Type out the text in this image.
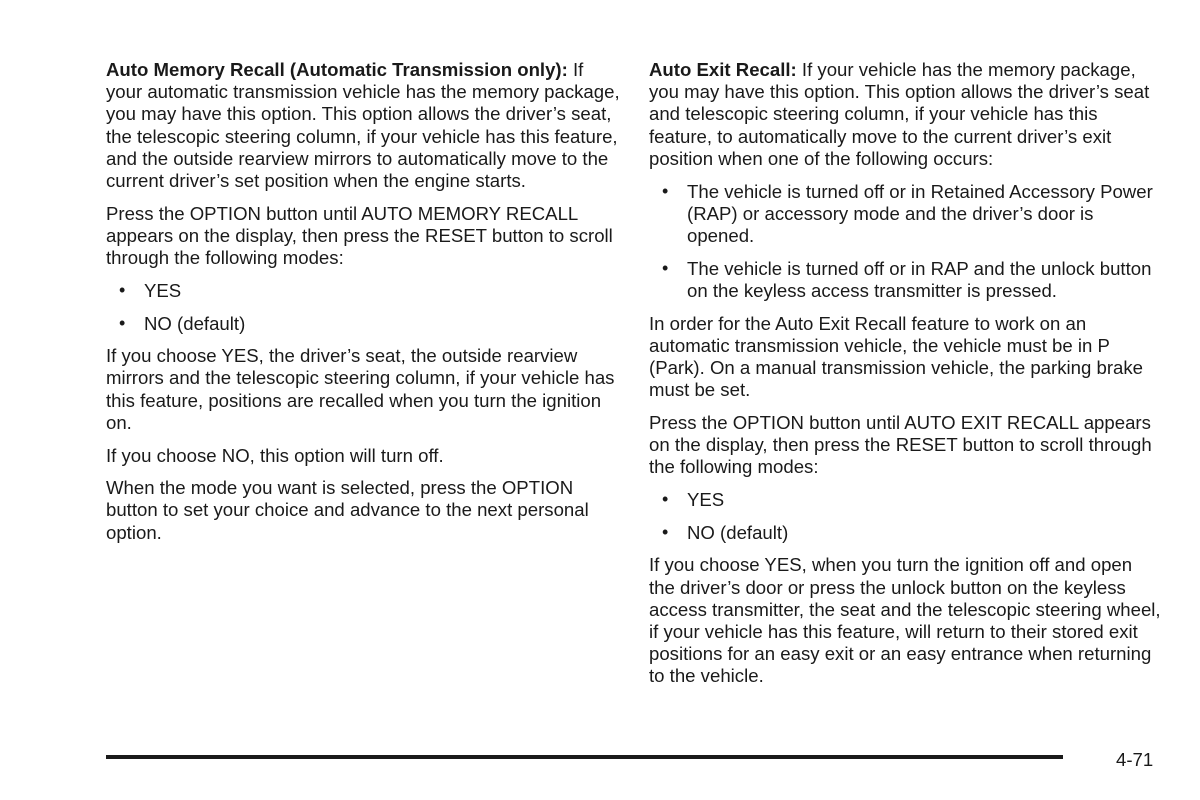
Auto Memory Recall (Automatic Transmission only): If your automatic transmission vehicle has the memory package, you may have this option. This option allows the driver’s seat, the telescopic steering column, if your vehicle has this feature, and the outside rearview mirrors to automatically move to the current driver’s set position when the engine starts.

Press the OPTION button until AUTO MEMORY RECALL appears on the display, then press the RESET button to scroll through the following modes:

• YES
• NO (default)

If you choose YES, the driver’s seat, the outside rearview mirrors and the telescopic steering column, if your vehicle has this feature, positions are recalled when you turn the ignition on.

If you choose NO, this option will turn off.

When the mode you want is selected, press the OPTION button to set your choice and advance to the next personal option.

Auto Exit Recall: If your vehicle has the memory package, you may have this option. This option allows the driver’s seat and telescopic steering column, if your vehicle has this feature, to automatically move to the current driver’s exit position when one of the following occurs:

• The vehicle is turned off or in Retained Accessory Power (RAP) or accessory mode and the driver’s door is opened.
• The vehicle is turned off or in RAP and the unlock button on the keyless access transmitter is pressed.

In order for the Auto Exit Recall feature to work on an automatic transmission vehicle, the vehicle must be in P (Park). On a manual transmission vehicle, the parking brake must be set.

Press the OPTION button until AUTO EXIT RECALL appears on the display, then press the RESET button to scroll through the following modes:

• YES
• NO (default)

If you choose YES, when you turn the ignition off and open the driver’s door or press the unlock button on the keyless access transmitter, the seat and the telescopic steering wheel, if your vehicle has this feature, will return to their stored exit positions for an easy exit or an easy entrance when returning to the vehicle.

4-71
